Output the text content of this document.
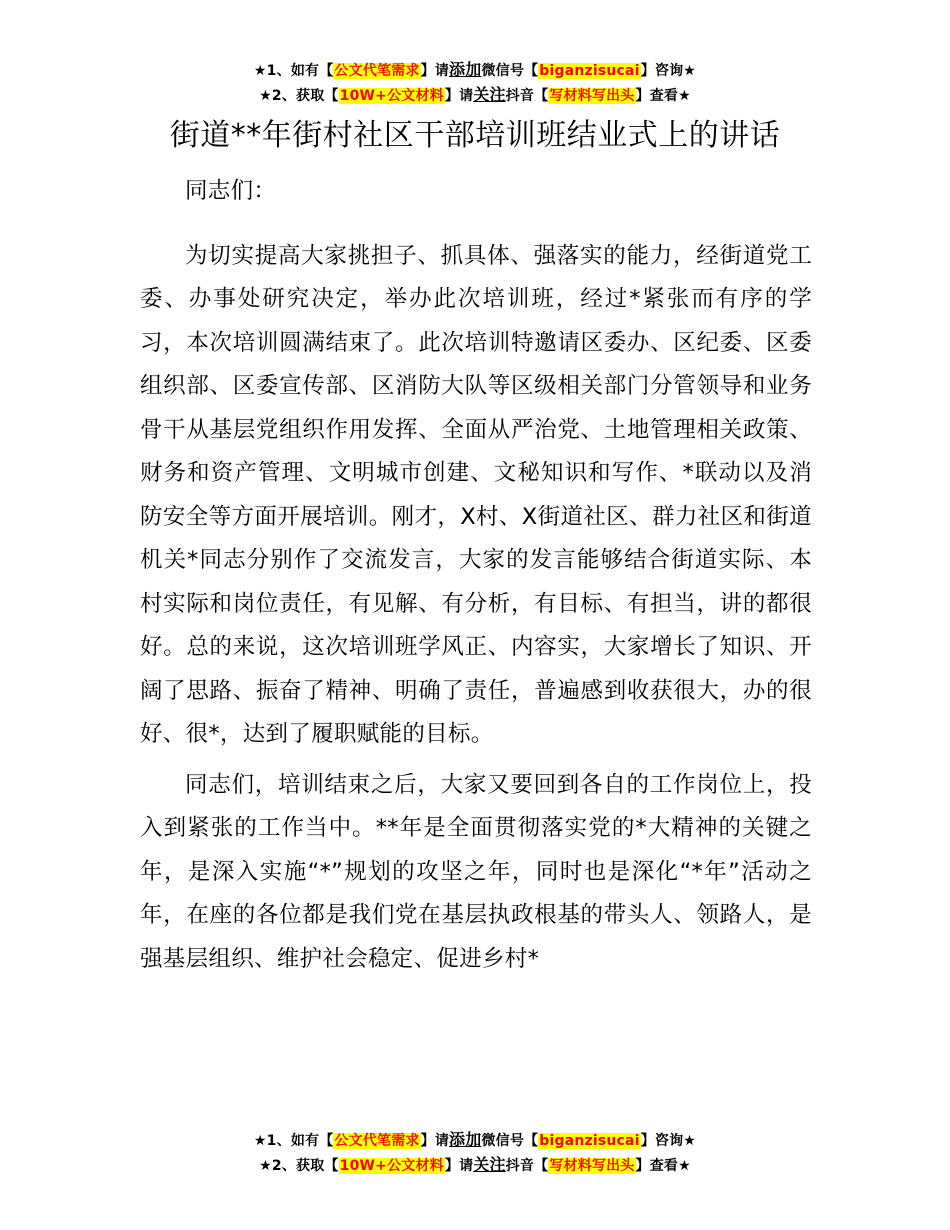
★1、如有【公文代笔需求】请添加微信号【biganzisucai】咨询★
★2、获取【10W+公文材料】请关注抖音【写材料写出头】查看★
街道**年街村社区干部培训班结业式上的讲话

同志们：

为切实提高大家挑担子、抓具体、强落实的能力，经街道党工委、办事处研究决定，举办此次培训班，经过*紧张而有序的学习，本次培训圆满结束了。此次培训特邀请区委办、区纪委、区委组织部、区委宣传部、区消防大队等区级相关部门分管领导和业务骨干从基层党组织作用发挥、全面从严治党、土地管理相关政策、财务和资产管理、文明城市创建、文秘知识和写作、*联动以及消防安全等方面开展培训。刚才，X村、X街道社区、群力社区和街道机关*同志分别作了交流发言，大家的发言能够结合街道实际、本村实际和岗位责任，有见解、有分析，有目标、有担当，讲的都很好。总的来说，这次培训班学风正、内容实，大家增长了知识、开阔了思路、振奋了精神、明确了责任，普遍感到收获很大，办的很好、很*，达到了履职赋能的目标。

同志们，培训结束之后，大家又要回到各自的工作岗位上，投入到紧张的工作当中。**年是全面贯彻落实党的*大精神的关键之年，是深入实施“*”规划的攻坚之年，同时也是深化“*年”活动之年，在座的各位都是我们党在基层执政根基的带头人、领路人，是强基层组织、维护社会稳定、促进乡村*

★1、如有【公文代笔需求】请添加微信号【biganzisucai】咨询★
★2、获取【10W+公文材料】请关注抖音【写材料写出头】查看★
